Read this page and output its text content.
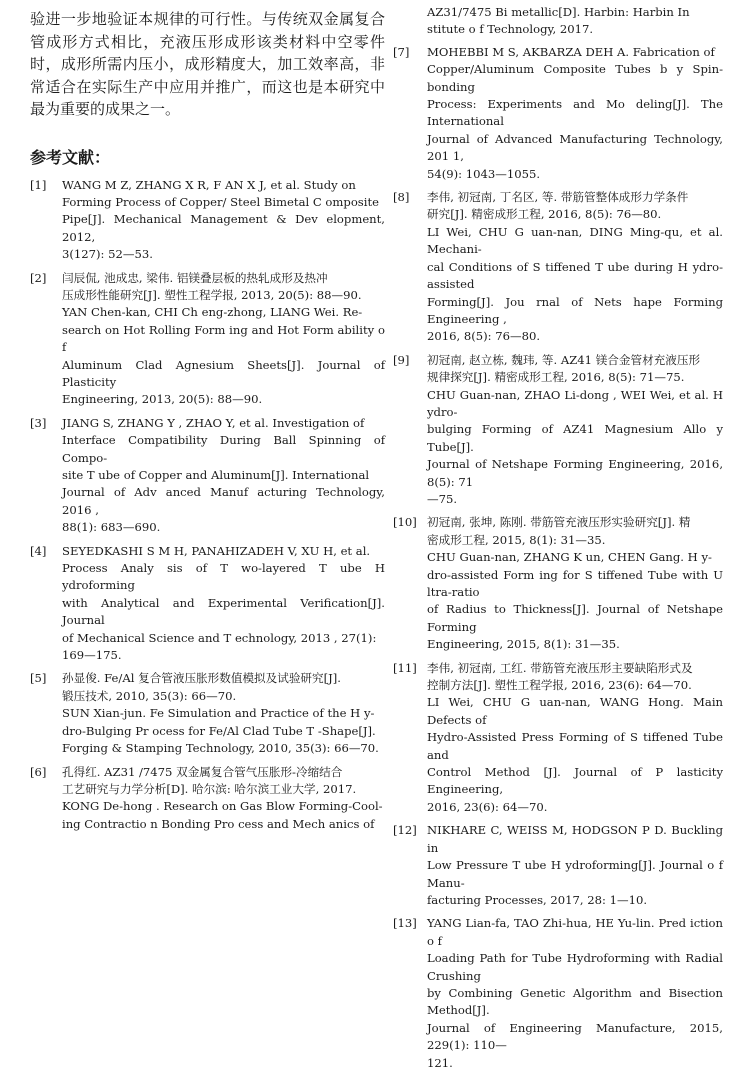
验进一步地验证本规律的可行性。与传统双金属复合管成形方式相比，充液压形成形该类材料中空零件时，成形所需内压小，成形精度大，加工效率高，非常适合在实际生产中应用并推广，而这也是本研究中最为重要的成果之一。

参考文献：
[1] WANG M Z, ZHANG X R, F AN X J, et al. Study on
Forming Process of Copper/ Steel Bimetal C omposite
Pipe[J]. Mechanical Management & Dev elopment, 2012,
3(127): 52—53.
[2] 闫辰侃, 池成忠, 梁伟. 铝镁叠层板的热轧成形及热冲
压成形性能研究[J]. 塑性工程学报, 2013, 20(5): 88—90.
YAN Chen-kan, CHI Ch eng-zhong, LIANG Wei. Re-
search on Hot Rolling Form ing and Hot Form ability o f
Aluminum Clad Agnesium Sheets[J]. Journal of Plasticity
Engineering, 2013, 20(5): 88—90.
[3] JIANG S, ZHANG Y , ZHAO Y, et al. Investigation of
Interface Compatibility During Ball Spinning of Compo-
site T ube of Copper and Aluminum[J]. International
Journal of Adv anced Manuf acturing Technology, 2016 ,
88(1): 683—690.
[4] SEYEDKASHI S M H, PANAHIZADEH V, XU H, et al.
Process Analy sis of T wo-layered T ube H ydroforming
with Analytical and Experimental Verification[J]. Journal
of Mechanical Science and T echnology, 2013 , 27(1):
169—175.
[5] 孙显俊. Fe/Al 复合管液压胀形数值模拟及试验研究[J].
锻压技术, 2010, 35(3): 66—70.
SUN Xian-jun. Fe Simulation and Practice of the H y-
dro-Bulging Pr ocess for Fe/Al Clad Tube T -Shape[J].
Forging & Stamping Technology, 2010, 35(3): 66—70.
[6] 孔得红. AZ31 /7475 双金属复合管气压胀形-冷缩结合
工艺研究与力学分析[D]. 哈尔滨: 哈尔滨工业大学, 2017.
KONG De-hong . Research on Gas Blow Forming-Cool-
ing Contractio n Bonding Pro cess and Mech anics of
AZ31/7475 Bi metallic[D]. Harbin: Harbin In stitute o f Technology, 2017.
[7] MOHEBBI M S, AKBARZA DEH A. Fabrication of
Copper/Aluminum Composite Tubes b y Spin-bonding
Process: Experiments and Mo deling[J]. The International
Journal of Advanced Manufacturing Technology, 201 1,
54(9): 1043—1055.
[8] 李伟, 初冠南, 丁名区, 等. 带筋管整体成形力学条件
研究[J]. 精密成形工程, 2016, 8(5): 76—80.
LI Wei, CHU G uan-nan, DING Ming-qu, et al. Mechani-
cal Conditions of S tiffened T ube during H ydro-assisted
Forming[J]. Jou rnal of Nets hape Forming Engineering ,
2016, 8(5): 76—80.
[9] 初冠南, 赵立栋, 魏玮, 等. AZ41 镁合金管材充液压形
规律探究[J]. 精密成形工程, 2016, 8(5): 71—75.
CHU Guan-nan, ZHAO Li-dong , WEI Wei, et al. H ydro-
bulging Forming of AZ41 Magnesium Allo y Tube[J].
Journal of Netshape Forming Engineering, 2016, 8(5): 71
—75.
[10] 初冠南, 张坤, 陈刚. 带筋管充液压形实验研究[J]. 精
密成形工程, 2015, 8(1): 31—35.
CHU Guan-nan, ZHANG K un, CHEN Gang. H y-
dro-assisted Form ing for S tiffened Tube with U ltra-ratio
of Radius to Thickness[J]. Journal of Netshape Forming
Engineering, 2015, 8(1): 31—35.
[11] 李伟, 初冠南, 工红. 带筋管充液压形主要缺陷形式及
控制方法[J]. 塑性工程学报, 2016, 23(6): 64—70.
LI Wei, CHU G uan-nan, WANG Hong. Main Defects of
Hydro-Assisted Press Forming of S tiffened Tube and
Control Method [J]. Journal of P lasticity Engineering,
2016, 23(6): 64—70.
[12] NIKHARE C, WEISS M, HODGSON P D. Buckling in
Low Pressure T ube H ydroforming[J]. Journal o f Manu-
facturing Processes, 2017, 28: 1—10.
[13] YANG Lian-fa, TAO Zhi-hua, HE Yu-lin. Pred iction o f
Loading Path for Tube Hydroforming with Radial Crushing
by Combining Genetic Algorithm and Bisection Method[J].
Journal of Engineering Manufacture, 2015, 229(1): 110—
121.
